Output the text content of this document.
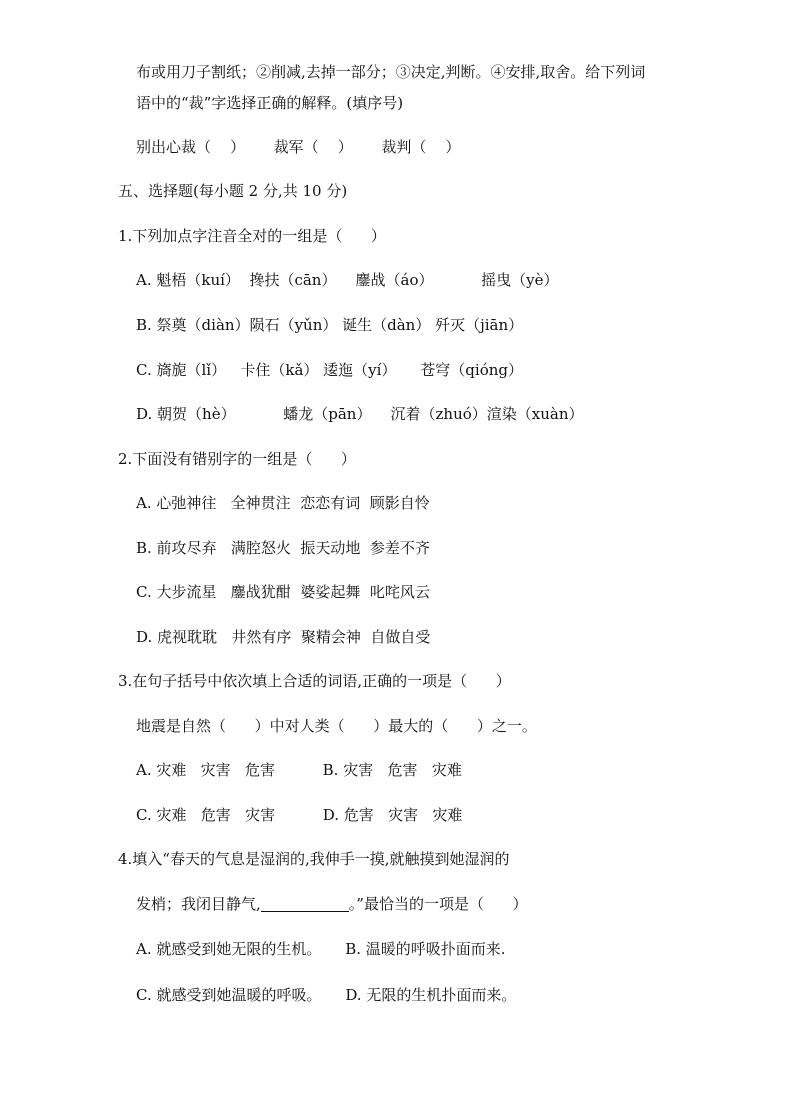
布或用刀子割纸；②削减,去掉一部分；③决定,判断。④安排,取舍。给下列词
语中的“裁”字选择正确的解释。(填序号)
别出心裁（    ）      裁军（    ）      裁判（    ）
五、选择题(每小题 2 分,共 10 分)
1.下列加点字注音全对的一组是（      ）
A. 魁梧（kuí）  搀扶（cān）    鏖战（áo）          摇曳（yè）
B. 祭奠（diàn）陨石（yǔn） 诞生（dàn） 歼灭（jiān）
C. 旖旎（lǐ）   卡住（kǎ） 逶迤（yí）     苍穹（qióng）
D. 朝贺（hè）          蟠龙（pān）    沉着（zhuó）渲染（xuàn）
2.下面没有错别字的一组是（      ）
A. 心弛神往   全神贯注  恋恋有词  顾影自怜
B. 前攻尽弃   满腔怒火  振天动地  参差不齐
C. 大步流星   鏖战犹酣  婆娑起舞  叱咤风云
D. 虎视耽耽   井然有序  聚精会神  自做自受
3.在句子括号中依次填上合适的词语,正确的一项是（      ）
地震是自然（      ）中对人类（      ）最大的（      ）之一。
A. 灾难   灾害   危害          B. 灾害   危害   灾难
C. 灾难   危害   灾害          D. 危害   灾害   灾难
4.填入“春天的气息是湿润的,我伸手一摸,就触摸到她湿润的
发梢；我闭目静气,	。”最恰当的一项是（      ）
A. 就感受到她无限的生机。     B. 温暖的呼吸扑面而来.
C. 就感受到她温暖的呼吸。     D. 无限的生机扑面而来。
